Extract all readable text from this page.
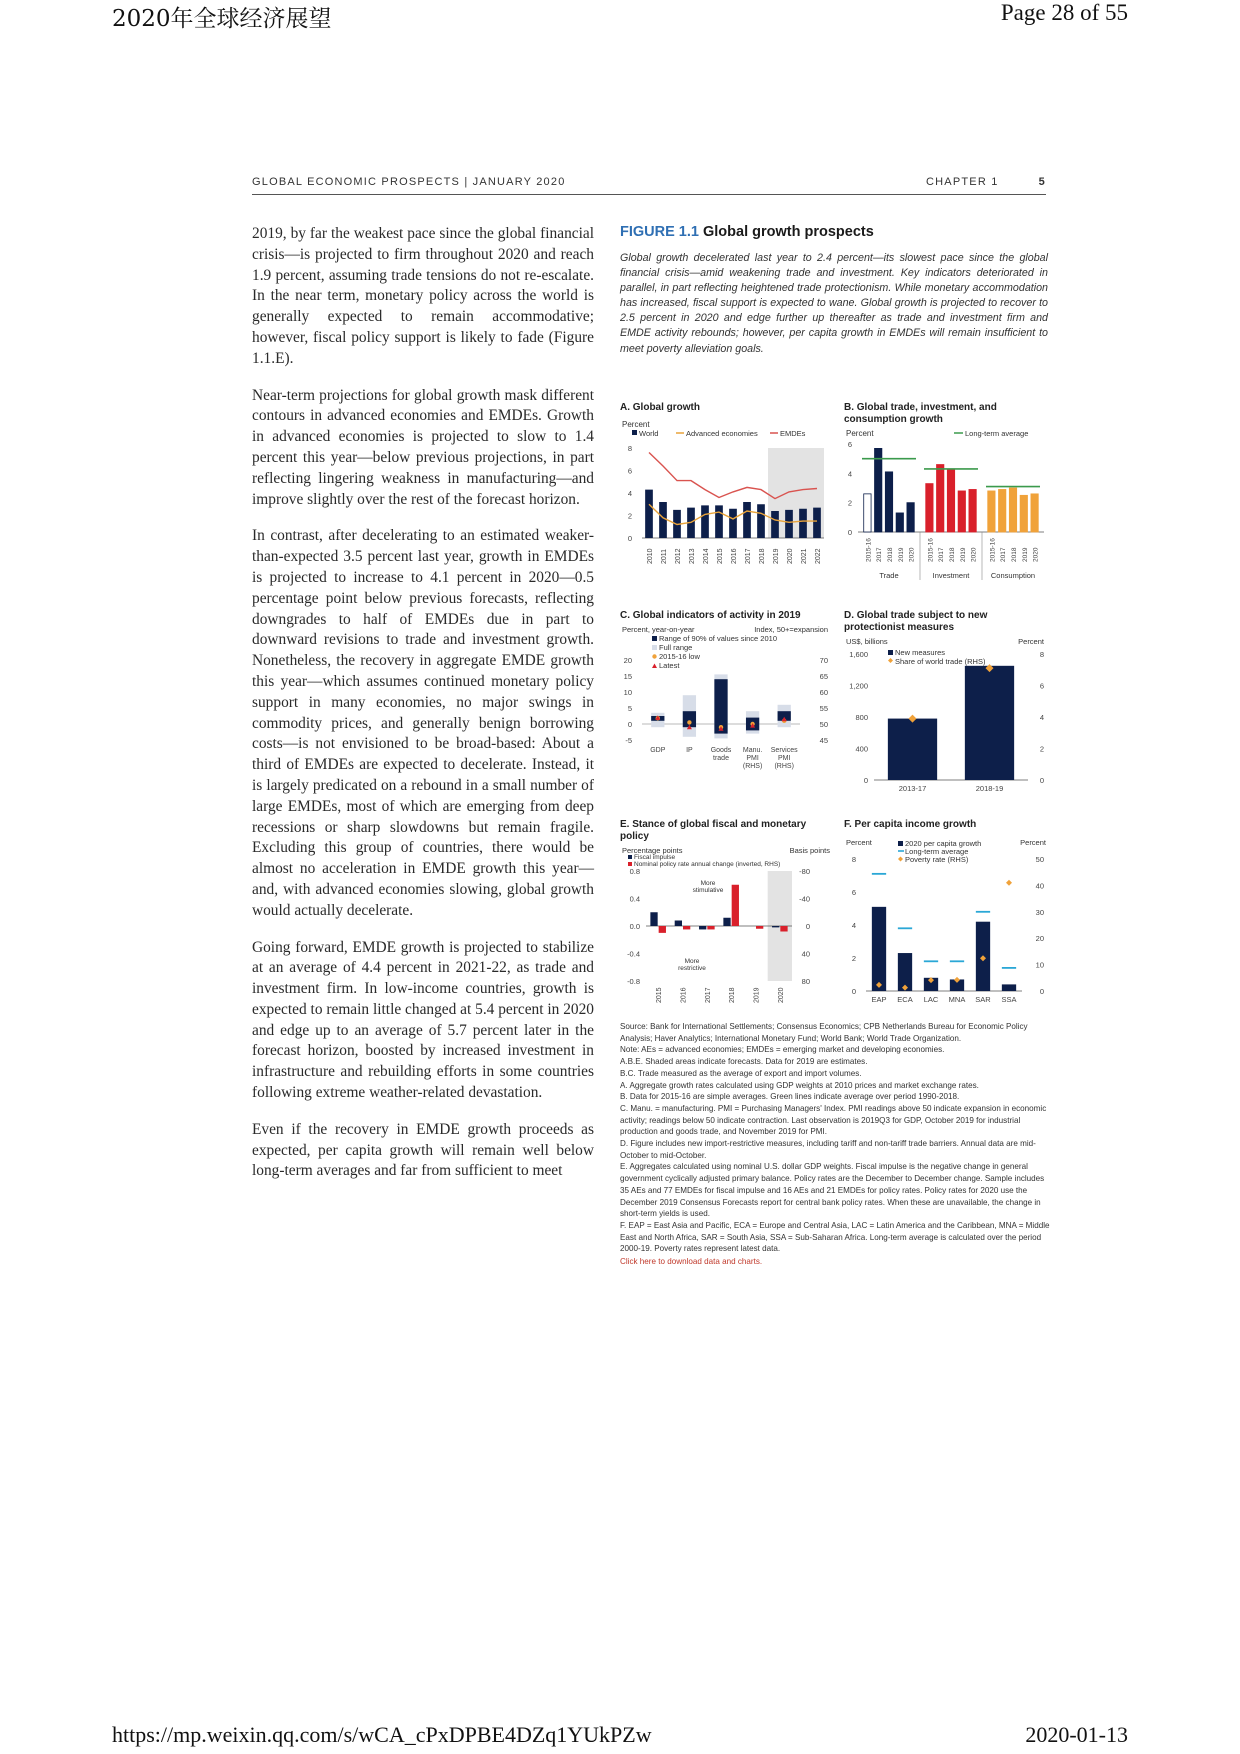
2020年全球经济展望	Page 28 of 55
GLOBAL ECONOMIC PROSPECTS | JANUARY 2020	CHAPTER 1	5

2019, by far the weakest pace since the global financial crisis—is projected to firm throughout 2020 and reach 1.9 percent, assuming trade tensions do not re-escalate. In the near term, monetary policy across the world is generally expected to remain accommodative; however, fiscal policy support is likely to fade (Figure 1.1.E).

Near-term projections for global growth mask different contours in advanced economies and EMDEs. Growth in advanced economies is projected to slow to 1.4 percent this year—below previous projections, in part reflecting lingering weakness in manufacturing—and improve slightly over the rest of the forecast horizon.

In contrast, after decelerating to an estimated weaker-than-expected 3.5 percent last year, growth in EMDEs is projected to increase to 4.1 percent in 2020—0.5 percentage point below previous forecasts, reflecting downgrades to half of EMDEs due in part to downward revisions to trade and investment growth. Nonetheless, the recovery in aggregate EMDE growth this year—which assumes continued monetary policy support in many economies, no major swings in commodity prices, and generally benign borrowing costs—is not envisioned to be broad-based: About a third of EMDEs are expected to decelerate. Instead, it is largely predicated on a rebound in a small number of large EMDEs, most of which are emerging from deep recessions or sharp slowdowns but remain fragile. Excluding this group of countries, there would be almost no acceleration in EMDE growth this year—and, with advanced economies slowing, global growth would actually decelerate.

Going forward, EMDE growth is projected to stabilize at an average of 4.4 percent in 2021-22, as trade and investment firm. In low-income countries, growth is expected to remain little changed at 5.4 percent in 2020 and edge up to an average of 5.7 percent later in the forecast horizon, boosted by increased investment in infrastructure and rebuilding efforts in some countries following extreme weather-related devastation.

Even if the recovery in EMDE growth proceeds as expected, per capita growth will remain well below long-term averages and far from sufficient to meet

FIGURE 1.1 Global growth prospects
Global growth decelerated last year to 2.4 percent—its slowest pace since the global financial crisis—amid weakening trade and investment. Key indicators deteriorated in parallel, in part reflecting heightened trade protectionism. While monetary accommodation has increased, fiscal support is expected to wane. Global growth is projected to recover to 2.5 percent in 2020 and edge further up thereafter as trade and investment firm and EMDE activity rebounds; however, per capita growth in EMDEs will remain insufficient to meet poverty alleviation goals.
A. Global growth
Percent
World	Advanced economies	EMDEs
0
2
4
6
8
2010 2011 2012 2013 2014 2015 2016 2017 2018 2019 2020 2021 2022
B. Global trade, investment, and consumption growth
Percent	Long-term average
0
2
4
6
2015-16 2017 2018 2019 2020
Trade
2015-16 2017 2018 2019 2020
Investment
2015-16 2017 2018 2019 2020
Consumption
C. Global indicators of activity in 2019
Percent, year-on-year	Index, 50+=expansion
Range of 90% of values since 2010
Full range
2015-16 low
Latest
-5
0
5
10
15
20
45
50
55
60
65
70
GDP	IP	Goods trade
Manu. PMI (RHS)
Services PMI (RHS)
D. Global trade subject to new protectionist measures
US$, billions	Percent
New measures
Share of world trade (RHS)
0
400
800
1,200
1,600
0
2
4
6
8
2013-17	2018-19
E. Stance of global fiscal and monetary policy
Percentage points	Basis points
Fiscal impulse
Nominal policy rate annual change (inverted, RHS)
-0.8
-0.4
0.0
0.4
0.8	-80
-40
0
40
80
2015 2016 2017 2018 2019 2020
More stimulative
More restrictive
F. Per capita income growth
Percent	Percent
2020 per capita growth
Long-term average
Poverty rate (RHS)
0
2
4
6
8
0
10
20
30
40
50
EAP ECA LAC MNA SAR SSA
Source: Bank for International Settlements; Consensus Economics; CPB Netherlands Bureau for Economic Policy Analysis; Haver Analytics; International Monetary Fund; World Bank; World Trade Organization.
Note: AEs = advanced economies; EMDEs = emerging market and developing economies.
A.B.E. Shaded areas indicate forecasts. Data for 2019 are estimates.
B.C. Trade measured as the average of export and import volumes.
A. Aggregate growth rates calculated using GDP weights at 2010 prices and market exchange rates.
B. Data for 2015-16 are simple averages. Green lines indicate average over period 1990-2018.
C. Manu. = manufacturing. PMI = Purchasing Managers' Index. PMI readings above 50 indicate expansion in economic activity; readings below 50 indicate contraction. Last observation is 2019Q3 for GDP, October 2019 for industrial production and goods trade, and November 2019 for PMI.
D. Figure includes new import-restrictive measures, including tariff and non-tariff trade barriers. Annual data are mid-October to mid-October.
E. Aggregates calculated using nominal U.S. dollar GDP weights. Fiscal impulse is the negative change in general government cyclically adjusted primary balance. Policy rates are the December to December change. Sample includes 35 AEs and 77 EMDEs for fiscal impulse and 16 AEs and 21 EMDEs for policy rates. Policy rates for 2020 use the December 2019 Consensus Forecasts report for central bank policy rates. When these are unavailable, the change in short-term yields is used.
F. EAP = East Asia and Pacific, ECA = Europe and Central Asia, LAC = Latin America and the Caribbean, MNA = Middle East and North Africa, SAR = South Asia, SSA = Sub-Saharan Africa. Long-term average is calculated over the period 2000-19. Poverty rates represent latest data.
Click here to download data and charts.
https://mp.weixin.qq.com/s/wCA_cPxDPBE4DZq1YUkPZw	2020-01-13
